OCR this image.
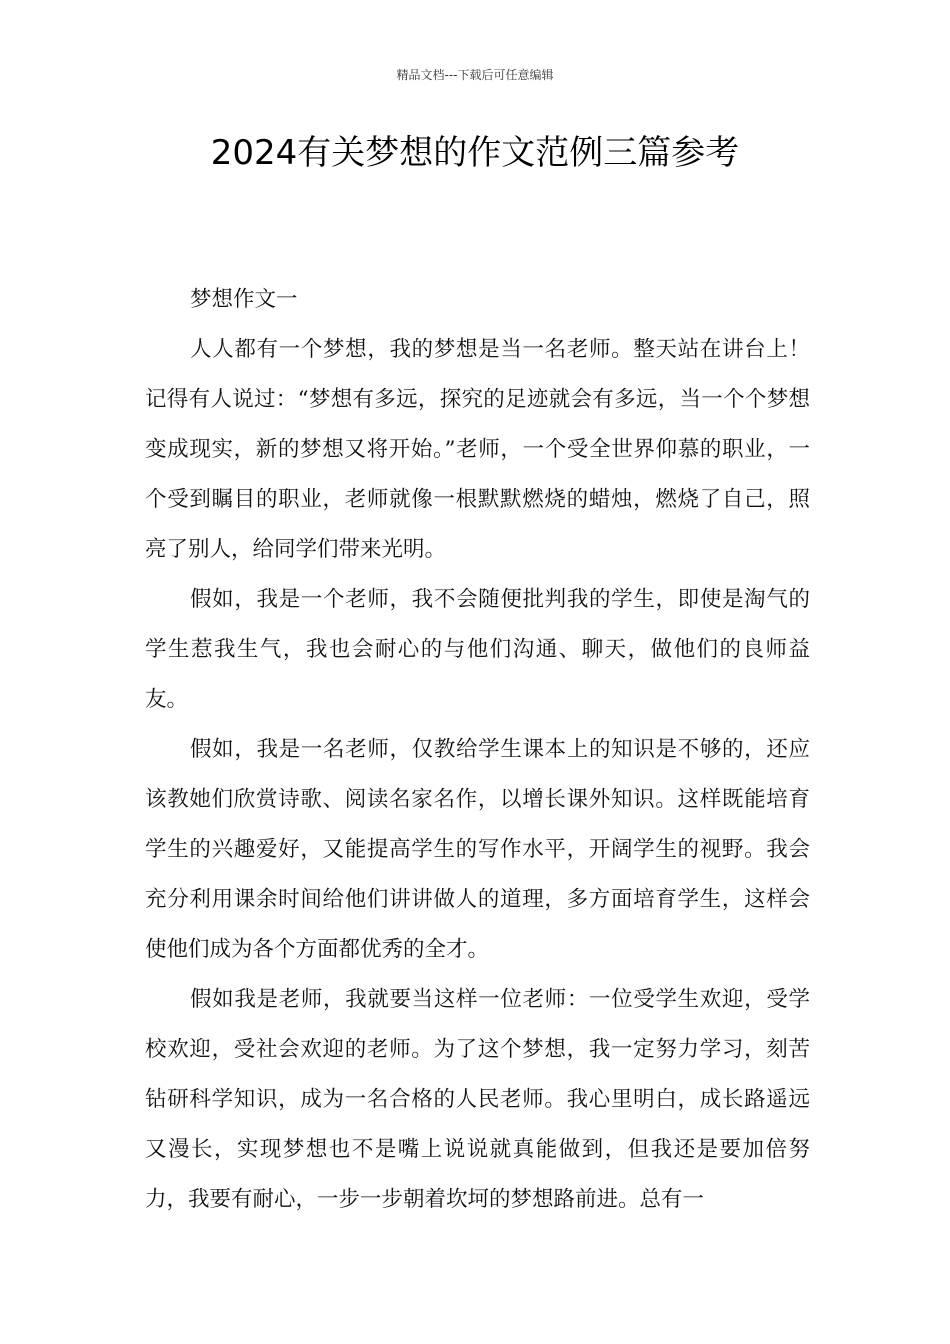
精品文档---下载后可任意编辑
2024有关梦想的作文范例三篇参考

梦想作文一

人人都有一个梦想，我的梦想是当一名老师。整天站在讲台上！记得有人说过：“梦想有多远，探究的足迹就会有多远，当一个个梦想变成现实，新的梦想又将开始。”老师，一个受全世界仰慕的职业，一个受到瞩目的职业，老师就像一根默默燃烧的蜡烛，燃烧了自己，照亮了别人，给同学们带来光明。

假如，我是一个老师，我不会随便批判我的学生，即使是淘气的学生惹我生气，我也会耐心的与他们沟通、聊天，做他们的良师益友。

假如，我是一名老师，仅教给学生课本上的知识是不够的，还应该教她们欣赏诗歌、阅读名家名作，以增长课外知识。这样既能培育学生的兴趣爱好，又能提高学生的写作水平，开阔学生的视野。我会充分利用课余时间给他们讲讲做人的道理，多方面培育学生，这样会使他们成为各个方面都优秀的全才。

假如我是老师，我就要当这样一位老师：一位受学生欢迎，受学校欢迎，受社会欢迎的老师。为了这个梦想，我一定努力学习，刻苦钻研科学知识，成为一名合格的人民老师。我心里明白，成长路遥远又漫长，实现梦想也不是嘴上说说就真能做到，但我还是要加倍努力，我要有耐心，一步一步朝着坎坷的梦想路前进。总有一
